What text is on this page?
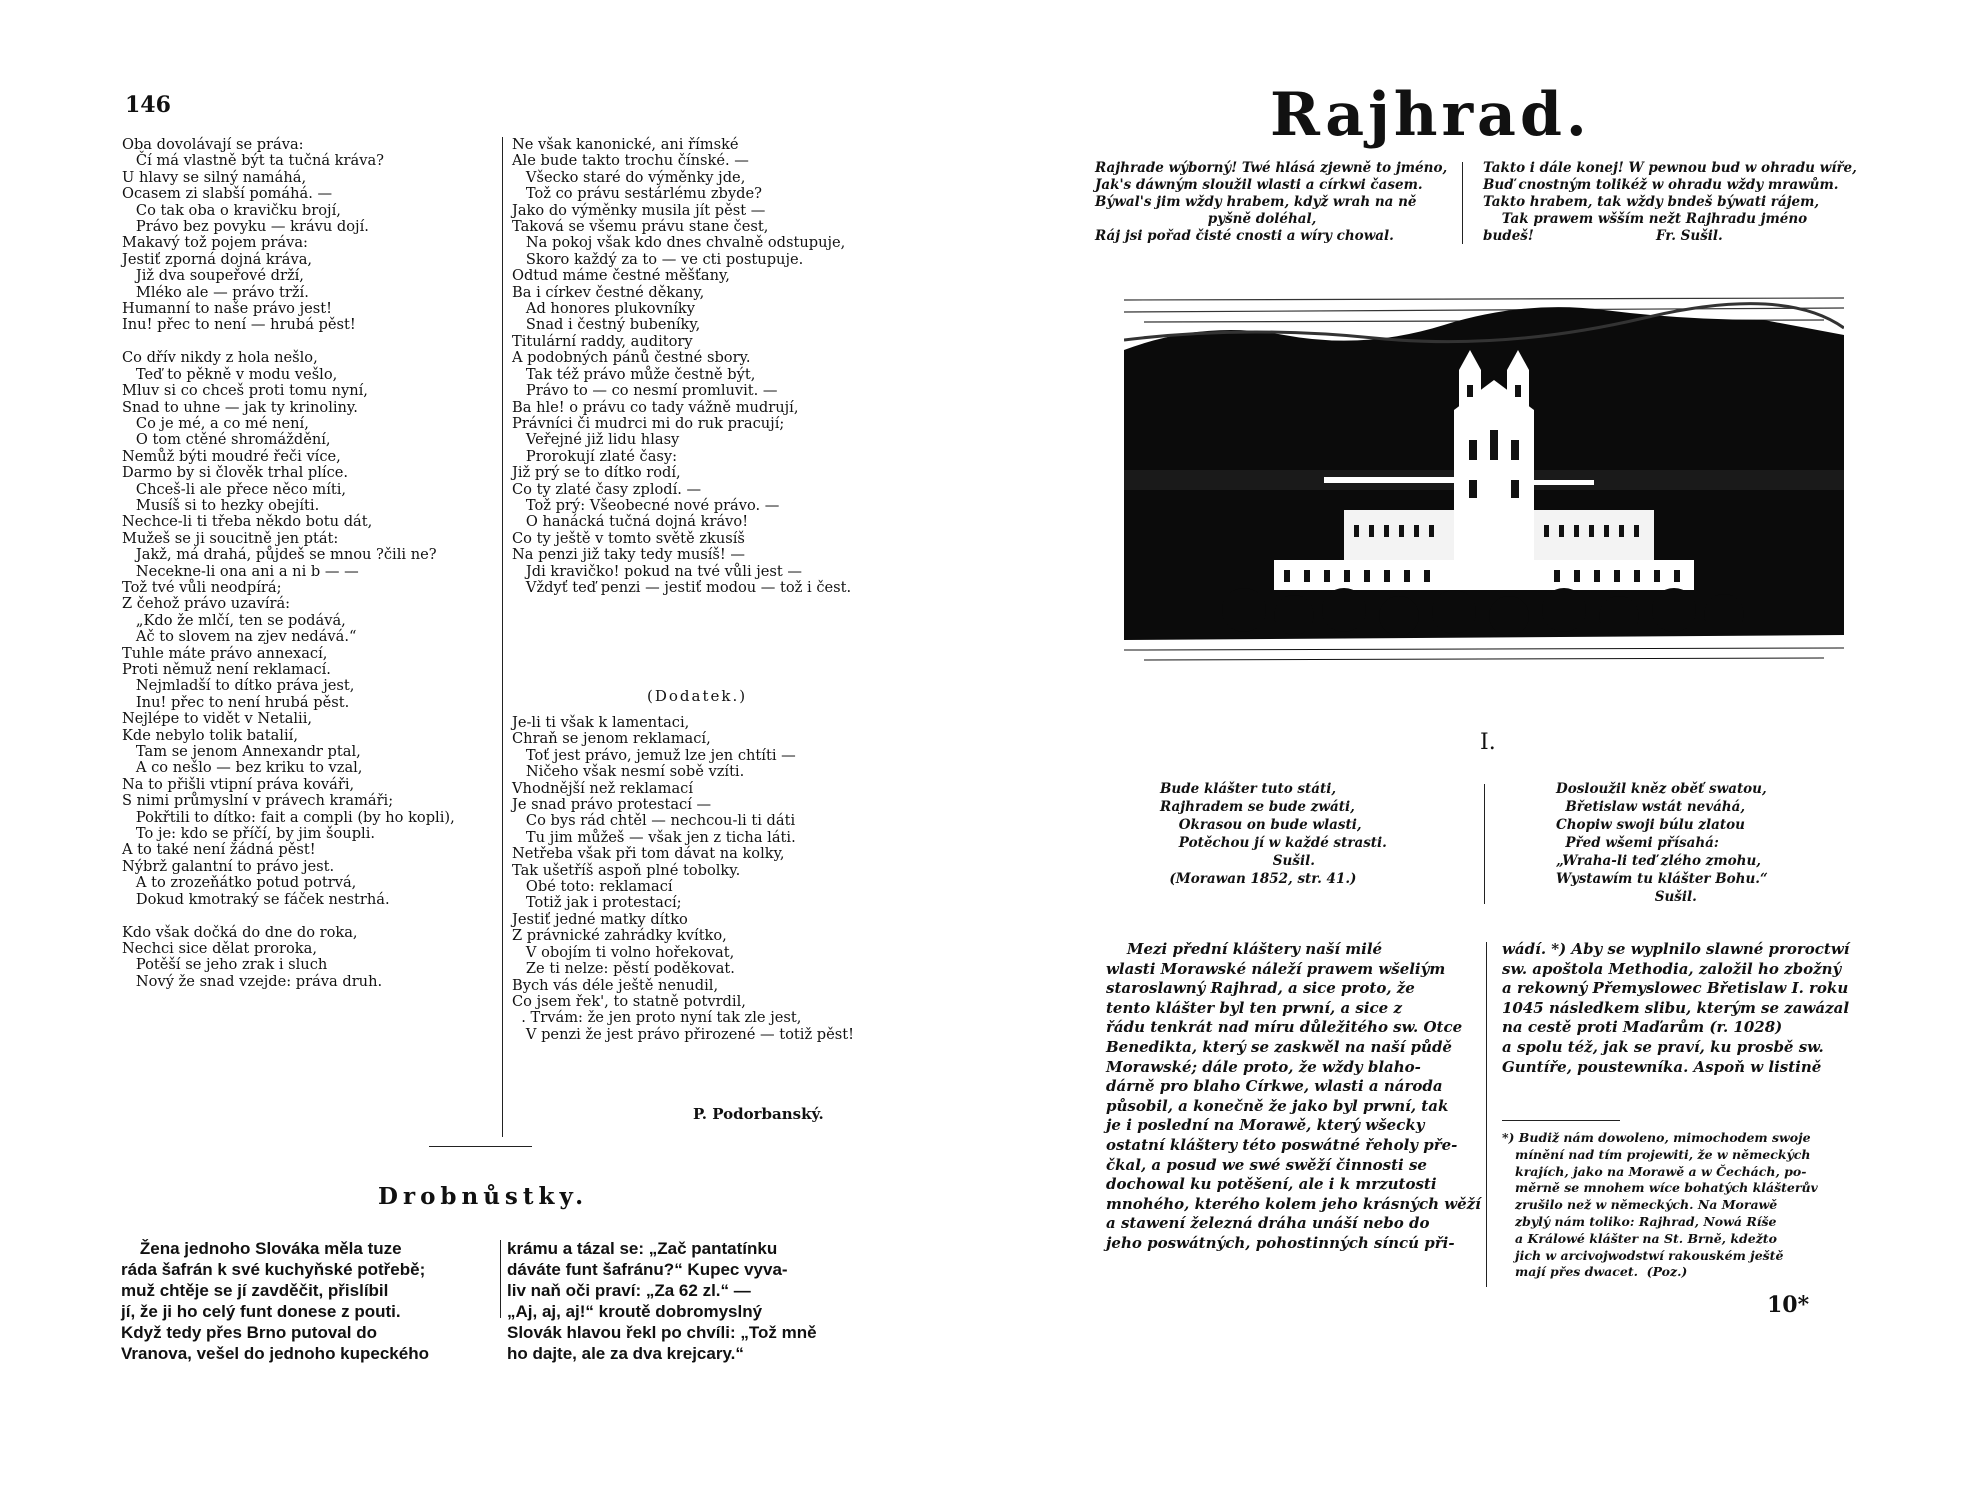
146
Oba dovolávají se práva:
Čí má vlastně být ta tučná kráva?
U hlavy se silný namáhá,
Ocasem zi slabší pomáhá. —
Co tak oba o kravičku brojí,
Právo bez povyku — krávu dojí.
Makavý tož pojem práva:
Jestiť zporná dojná kráva,
Již dva soupeřové drží,
Mléko ale — právo trží.
Humanní to naše právo jest!
Inu! přec to není — hrubá pěst!

Co dřív nikdy z hola nešlo,
Teď to pěkně v modu vešlo,
Mluv si co chceš proti tomu nyní,
Snad to uhne — jak ty krinoliny.
Co je mé, a co mé není,
O tom ctěné shromáždění,
Nemůž býti moudré řeči více,
Darmo by si člověk trhal plíce.
Chceš-li ale přece něco míti,
Musíš si to hezky obejíti.
Nechce-li ti třeba někdo botu dát,
Mužeš se ji soucitně jen ptát:
Jakž, má drahá, půjdeš se mnou ?čili ne?
Necekne-li ona ani a ni b — —
Tož tvé vůli neodpírá;
Z čehož právo uzavírá:
„Kdo že mlčí, ten se podává,
Ač to slovem na zjev nedává.“
Tuhle máte právo annexací,
Proti němuž není reklamací.
Nejmladší to dítko práva jest,
Inu! přec to není hrubá pěst.
Nejlépe to vidět v Netalii,
Kde nebylo tolik batalií,
Tam se jenom Annexandr ptal,
A co nešlo — bez kriku to vzal,
Na to přišli vtipní práva kováři,
S nimi průmyslní v právech kramáři;
Pokřtili to dítko: fait a compli (by ho kopli),
To je: kdo se příčí, by jim šoupli.
A to také není žádná pěst!
Nýbrž galantní to právo jest.
A to zrozeňátko potud potrvá,
Dokud kmotraký se fáček nestrhá.

Kdo však dočká do dne do roka,
Nechci sice dělat proroka,
Potěší se jeho zrak i sluch
Nový že snad vzejde: práva druh.
Ne však kanonické, ani římské
Ale bude takto trochu čínské. —
Všecko staré do výměnky jde,
Tož co právu sestárlému zbyde?
Jako do výměnky musila jít pěst —
Taková se všemu právu stane čest,
Na pokoj však kdo dnes chvalně odstupuje,
Skoro každý za to — ve cti postupuje.
Odtud máme čestné měšťany,
Ba i církev čestné děkany,
Ad honores plukovníky
Snad i čestný bubeníky,
Titulární raddy, auditory
A podobných pánů čestné sbory.
Tak též právo může čestně být,
Právo to — co nesmí promluvit. —
Ba hle! o právu co tady vážně mudrují,
Právníci či mudrci mi do ruk pracují;
Veřejné již lidu hlasy
Prorokují zlaté časy:
Již prý se to dítko rodí,
Co ty zlaté časy zplodí. —
Tož prý: Všeobecné nové právo. —
O hanácká tučná dojná krávo!
Co ty ještě v tomto světě zkusíš
Na penzi již taky tedy musíš! —
Jdi kravičko! pokud na tvé vůli jest —
Vždyť teď penzi — jestiť modou — tož i čest.
(Dodatek.)
Je-li ti však k lamentaci,
Chraň se jenom reklamací,
Toť jest právo, jemuž lze jen chtíti —
Ničeho však nesmí sobě vzíti.
Vhodnější než reklamací
Je snad právo protestací —
Co bys rád chtěl — nechcou-li ti dáti
Tu jim můžeš — však jen z ticha láti.
Netřeba však při tom dávat na kolky,
Tak ušetříš aspoň plné tobolky.
Obé toto: reklamací
Totiž jak i protestací;
Jestiť jedné matky dítko
Z právnické zahrádky kvítko,
V obojím ti volno hořekovat,
Ze ti nelze: pěstí poděkovat.
Bych vás déle ještě nenudil,
Co jsem řek', to statně potvrdil,
. Trvám: že jen proto nyní tak zle jest,
V penzi že jest právo přirozené — totiž pěst!
P. Podorbanský.
Drobnůstky.
Žena jednoho Slováka měla tuze
ráda šafrán k své kuchyňské potřebě;
muž chtěje se jí zavděčit, přislíbil
jí, že ji ho celý funt donese z pouti.
Když tedy přes Brno putoval do
Vranova, vešel do jednoho kupeckého
krámu a tázal se: „Zač pantatínku
dáváte funt šafránu?“ Kupec vyva-
liv naň oči praví: „Za 62 zl.“ —
„Aj, aj, aj!“ kroutě dobromyslný
Slovák hlavou řekl po chvíli: „Tož mně
ho dajte, ale za dva krejcary.“
Rajhrad.
Rajhrade wýborný! Twé hlásá zjewně to jméno,
Jak's dáwným sloužil wlasti a církwi časem.
Býwal's jim wždy hrabem, když wrah na ně
pyšně doléhal,
Ráj jsi pořad čisté cnosti a wíry chowal.
Takto i dále konej! W pewnou bud w ohradu wíře,
Buď cnostným tolikéž w ohradu wždy mrawům.
Takto hrabem, tak wždy bndeš býwati rájem,
Tak prawem wšším nežt Rajhradu jméno
budeš!                          Fr. Sušil.
I.
Bude klášter tuto státi,
Rajhradem se bude zwáti,
Okrasou on bude wlasti,
Potěchou jí w každé strasti.
Sušil.
(Morawan 1852, str. 41.)
Dosloužil kněz oběť swatou,
Břetislaw wstát neváhá,
Chopiw swoji búlu zlatou
Před wšemi přísahá:
„Wraha-li teď zlého zmohu,
Wystawím tu klášter Bohu.“
Sušil.
Mezi přední kláštery naší milé
wlasti Morawské náleží prawem wšeliým
staroslawný Rajhrad, a sice proto, že
tento klášter byl ten prwní, a sice z
řádu tenkrát nad míru důležitého sw. Otce
Benedikta, který se zaskwěl na naší půdě
Morawské; dále proto, že wždy blaho-
dárně pro blaho Církwe, wlasti a národa
působil, a konečně že jako byl prwní, tak
je i poslední na Morawě, který wšecky
ostatní kláštery této poswátné řeholy pře-
čkal, a posud we swé swěží činnosti se
dochowal ku potěšení, ale i k mrzutosti
mnohého, kterého kolem jeho krásných wěží
a stawení železná dráha unáší nebo do
jeho poswátných, pohostinných síncú při-
wádí. *) Aby se wyplnilo slawné proroctwí
sw. apoštola Methodia, založil ho zbožný
a rekowný Přemyslowec Břetislaw I. roku
1045 následkem slibu, kterým se zawázal
na cestě proti Maďarům (r. 1028)
a spolu též, jak se praví, ku prosbě sw.
Guntíře, poustewníka. Aspoň w listině
*) Budiž nám dowoleno, mimochodem swoje
mínění nad tím projewiti, že w německých
krajích, jako na Morawě a w Čechách, po-
měrně se mnohem wíce bohatých klášterův
zrušilo než w německých. Na Morawě
zbylý nám toliko: Rajhrad, Nowá Ríše
a Králowé klášter na St. Brně, kdežto
jich w arcivojwodstwí rakouském ještě
mají přes dwacet.  (Poz.)
10*
